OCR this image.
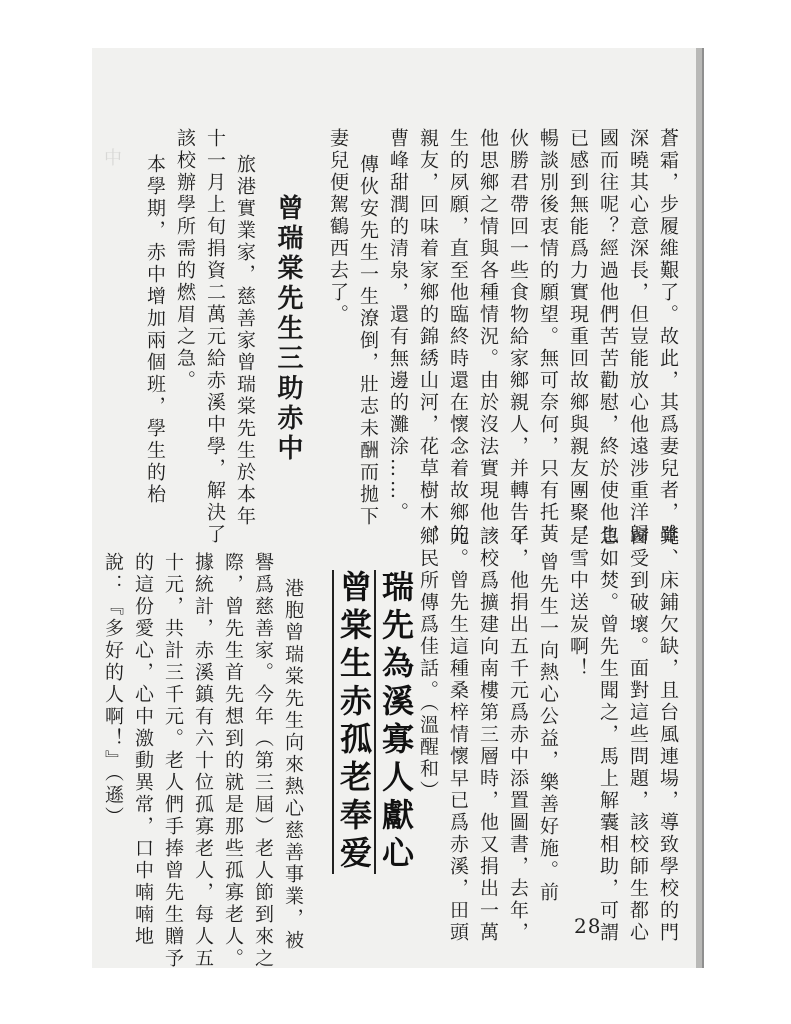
中　　　　　　　　　　　	蒼霜，步履維艱了。故此，其爲妻兒者，雖
深曉其心意深長，但豈能放心他遠涉重洋歸
國而往呢？經過他們苦苦勸慰，終於使他也
已感到無能爲力實現重回故鄉與親友團聚，
暢談別後衷情的願望。無可奈何，只有托黃
伙勝君帶回一些食物給家鄉親人，并轉告了
他思鄉之情與各種情況。由於沒法實現他一
生的夙願，直至他臨終時還在懷念着故鄉的
親友，回味着家鄉的錦綉山河，花草樹木，
曹峰甜潤的清泉，還有無邊的灘涂……。
傳伙安先生一生潦倒，壯志未酬而拋下
妻兒便駕鶴西去了。
曾瑞棠先生三助赤中
旅港實業家，慈善家曾瑞棠先生於本年
十一月上旬捐資二萬元給赤溪中學，解決了
該校辦學所需的燃眉之急。
本學期，赤中增加兩個班，學生的枱
凳、床鋪欠缺，且台風連場，導致學校的門
窗受到破壞。面對這些問題，該校師生都心
急如焚。曾先生聞之，馬上解囊相助，可謂
是雪中送炭啊！
曾先生一向熱心公益，樂善好施。前
年，他捐出五千元爲赤中添置圖書，去年，
該校爲擴建向南樓第三層時，他又捐出一萬
元。曾先生這種桑梓情懷早已爲赤溪，田頭
鄉民所傳爲佳話。（溫醒和）
瑞先為溪寡人獻心
曾棠生赤孤老奉爱
港胞曾瑞棠先生向來熱心慈善事業，被
譽爲慈善家。今年（第三屆）老人節到來之
際，曾先生首先想到的就是那些孤寡老人。
據統計，赤溪鎮有六十位孤寡老人，每人五
十元，共計三千元。老人們手捧曾先生贈予
的這份愛心，心中激動異常，口中喃喃地
說：『多好的人啊！』（遜）
28
